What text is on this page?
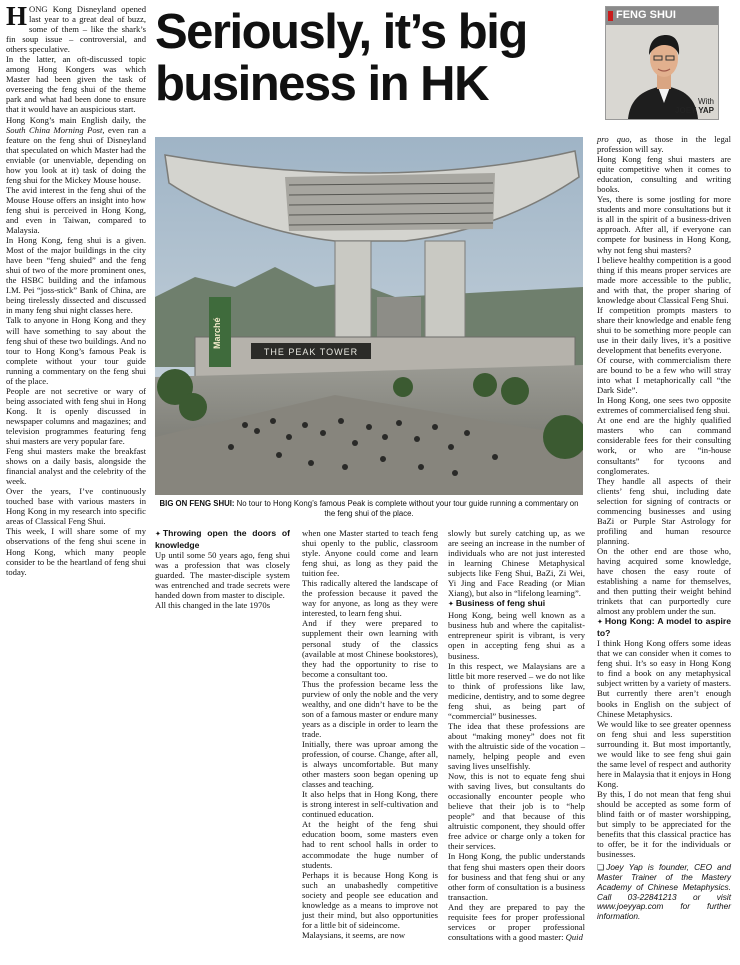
Seriously, it’s big business in HK
FENG SHUI
With
JOEY YAP

HONG Kong Disneyland opened last year to a great deal of buzz, some of them – like the shark’s fin soup issue – controversial, and others speculative.

In the latter, an oft-discussed topic among Hong Kongers was which Master had been given the task of overseeing the feng shui of the theme park and what had been done to ensure that it would have an auspicious start.

Hong Kong’s main English daily, the South China Morning Post, even ran a feature on the feng shui of Disneyland that speculated on which Master had the enviable (or unenviable, depending on how you look at it) task of doing the feng shui for the Mickey Mouse house.

The avid interest in the feng shui of the Mouse House offers an insight into how feng shui is perceived in Hong Kong, and even in Taiwan, compared to Malaysia.

In Hong Kong, feng shui is a given. Most of the major buildings in the city have been “feng shuied” and the feng shui of two of the more prominent ones, the HSBC building and the infamous I.M. Pei “joss-stick” Bank of China, are being tirelessly dissected and discussed in many feng shui night classes here.

Talk to anyone in Hong Kong and they will have something to say about the feng shui of these two buildings. And no tour to Hong Kong’s famous Peak is complete without your tour guide running a commentary on the feng shui of the place.

People are not secretive or wary of being associated with feng shui in Hong Kong. It is openly discussed in newspaper columns and magazines; and television programmes featuring feng shui masters are very popular fare.

Feng shui masters make the breakfast shows on a daily basis, alongside the financial analyst and the celebrity of the week.

Over the years, I’ve continuously touched base with various masters in Hong Kong in my research into specific areas of Classical Feng Shui.

This week, I will share some of my observations of the feng shui scene in Hong Kong, which many people consider to be the heartland of feng shui today.

Marché
THE PEAK TOWER
BIG ON FENG SHUI: No tour to Hong Kong’s famous Peak is complete without your tour guide running a commentary on the feng shui of the place.

✦ Throwing open the doors of knowledge

Up until some 50 years ago, feng shui was a profession that was closely guarded. The master-disciple system was entrenched and trade secrets were handed down from master to disciple.

All this changed in the late 1970s

when one Master started to teach feng shui openly to the public, classroom style. Anyone could come and learn feng shui, as long as they paid the tuition fee.

This radically altered the landscape of the profession because it paved the way for anyone, as long as they were interested, to learn feng shui.

And if they were prepared to supplement their own learning with personal study of the classics (available at most Chinese bookstores), they had the opportunity to rise to become a consultant too.

Thus the profession became less the purview of only the noble and the very wealthy, and one didn’t have to be the son of a famous master or endure many years as a disciple in order to learn the trade.

Initially, there was uproar among the profession, of course. Change, after all, is always uncomfortable. But many other masters soon began opening up classes and teaching.

It also helps that in Hong Kong, there is strong interest in self-cultivation and continued education.

At the height of the feng shui education boom, some masters even had to rent school halls in order to accommodate the huge number of students.

Perhaps it is because Hong Kong is such an unabashedly competitive society and people see education and knowledge as a means to improve not just their mind, but also opportunities for a little bit of sideincome.

Malaysians, it seems, are now

slowly but surely catching up, as we are seeing an increase in the number of individuals who are not just interested in learning Chinese Metaphysical subjects like Feng Shui, BaZi, Zi Wei, Yi Jing and Face Reading (or Mian Xiang), but also in “lifelong learning”.

✦ Business of feng shui

Hong Kong, being well known as a business hub and where the capitalist-entrepreneur spirit is vibrant, is very open in accepting feng shui as a business.

In this respect, we Malaysians are a little bit more reserved – we do not like to think of professions like law, medicine, dentistry, and to some degree feng shui, as being part of “commercial” businesses.

The idea that these professions are about “making money” does not fit with the altruistic side of the vocation – namely, helping people and even saving lives unselfishly.

Now, this is not to equate feng shui with saving lives, but consultants do occasionally encounter people who believe that their job is to “help people” and that because of this altruistic component, they should offer free advice or charge only a token for their services.

In Hong Kong, the public understands that feng shui masters open their doors for business and that feng shui or any other form of consultation is a business transaction.

And they are prepared to pay the requisite fees for proper professional services or proper professional consultations with a good master: Quid

pro quo, as those in the legal profession will say.

Hong Kong feng shui masters are quite competitive when it comes to education, consulting and writing books.

Yes, there is some jostling for more students and more consultations but it is all in the spirit of a business-driven approach. After all, if everyone can compete for business in Hong Kong, why not feng shui masters?

I believe healthy competition is a good thing if this means proper services are made more accessible to the public, and with that, the proper sharing of knowledge about Classical Feng Shui.

If competition prompts masters to share their knowledge and enable feng shui to be something more people can use in their daily lives, it’s a positive development that benefits everyone.

Of course, with commercialism there are bound to be a few who will stray into what I metaphorically call “the Dark Side”.

In Hong Kong, one sees two opposite extremes of commercialised feng shui.

At one end are the highly qualified masters who can command considerable fees for their consulting work, or who are “in-house consultants” for tycoons and conglomerates.

They handle all aspects of their clients’ feng shui, including date selection for signing of contracts or commencing businesses and using BaZi or Purple Star Astrology for profiling and human resource planning.

On the other end are those who, having acquired some knowledge, have chosen the easy route of establishing a name for themselves, and then putting their weight behind trinkets that can purportedly cure almost any problem under the sun.

✦ Hong Kong: A model to aspire to?

I think Hong Kong offers some ideas that we can consider when it comes to feng shui. It’s so easy in Hong Kong to find a book on any metaphysical subject written by a variety of masters. But currently there aren’t enough books in English on the subject of Chinese Metaphysics.

We would like to see greater openness on feng shui and less superstition surrounding it. But most importantly, we would like to see feng shui gain the same level of respect and authority here in Malaysia that it enjoys in Hong Kong.

By this, I do not mean that feng shui should be accepted as some form of blind faith or of master worshipping, but simply to be appreciated for the benefits that this classical practice has to offer, be it for the individuals or businesses.

❏ Joey Yap is founder, CEO and Master Trainer of the Mastery Academy of Chinese Metaphysics. Call 03-22841213 or visit www.joeyyap.com for further information.
